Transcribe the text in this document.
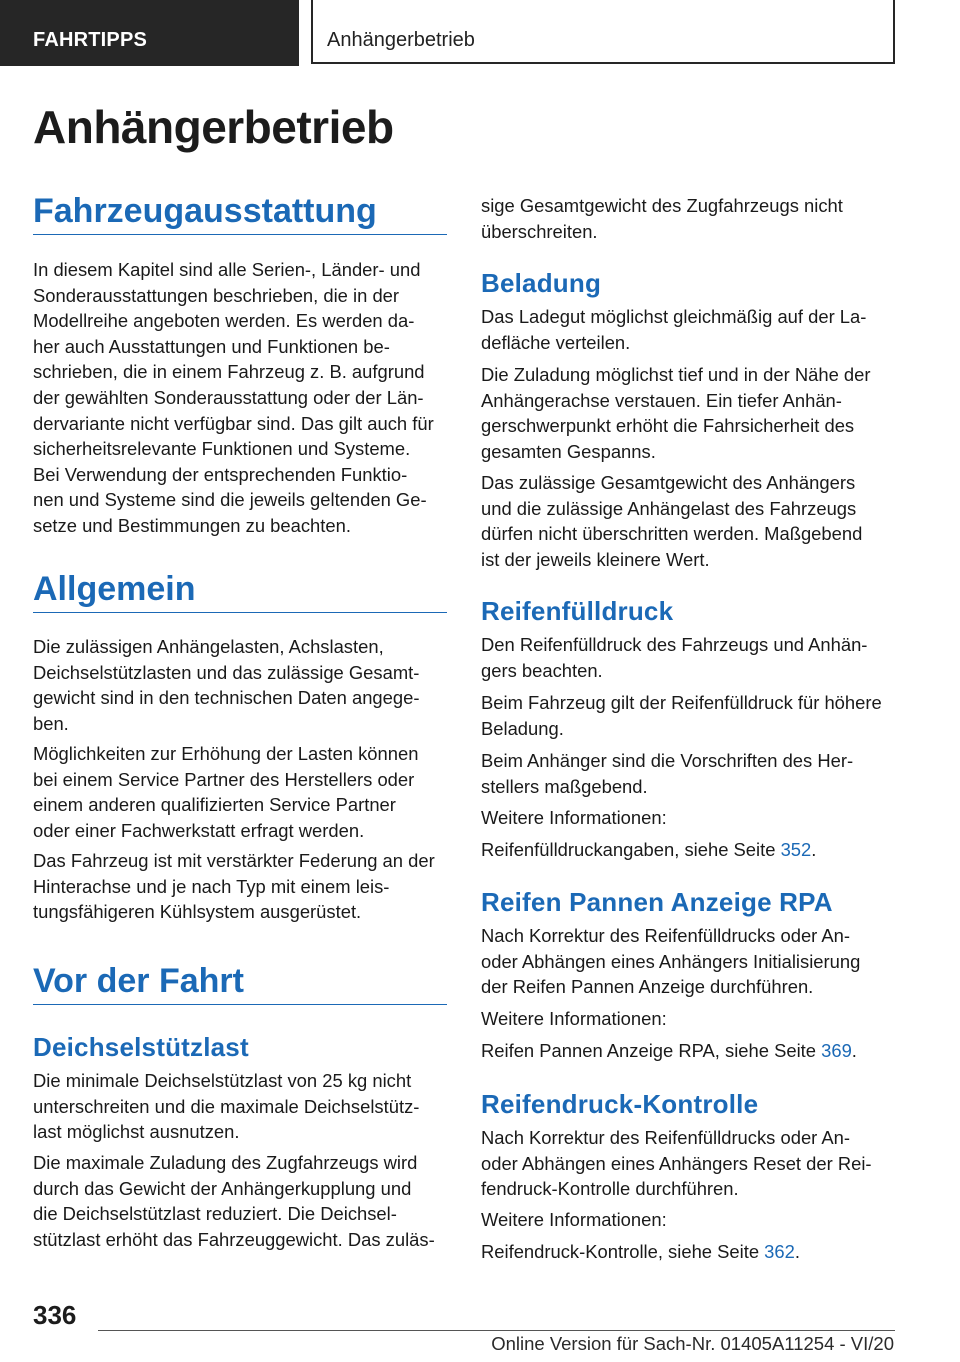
FAHRTIPPS	Anhängerbetrieb
Anhängerbetrieb
Fahrzeugausstattung

In diesem Kapitel sind alle Serien-, Länder- und
Sonderausstattungen beschrieben, die in der
Modellreihe angeboten werden. Es werden da-
her auch Ausstattungen und Funktionen be-
schrieben, die in einem Fahrzeug z. B. aufgrund
der gewählten Sonderausstattung oder der Län-
dervariante nicht verfügbar sind. Das gilt auch für
sicherheitsrelevante Funktionen und Systeme.
Bei Verwendung der entsprechenden Funktio-
nen und Systeme sind die jeweils geltenden Ge-
setze und Bestimmungen zu beachten.

Allgemein

Die zulässigen Anhängelasten, Achslasten,
Deichselstützlasten und das zulässige Gesamt-
gewicht sind in den technischen Daten angege-
ben.

Möglichkeiten zur Erhöhung der Lasten können
bei einem Service Partner des Herstellers oder
einem anderen qualifizierten Service Partner
oder einer Fachwerkstatt erfragt werden.

Das Fahrzeug ist mit verstärkter Federung an der
Hinterachse und je nach Typ mit einem leis-
tungsfähigeren Kühlsystem ausgerüstet.

Vor der Fahrt
Deichselstützlast

Die minimale Deichselstützlast von 25 kg nicht
unterschreiten und die maximale Deichselstütz-
last möglichst ausnutzen.

Die maximale Zuladung des Zugfahrzeugs wird
durch das Gewicht der Anhängerkupplung und
die Deichselstützlast reduziert. Die Deichsel-
stützlast erhöht das Fahrzeuggewicht. Das zuläs-

sige Gesamtgewicht des Zugfahrzeugs nicht
überschreiten.

Beladung

Das Ladegut möglichst gleichmäßig auf der La-
defläche verteilen.

Die Zuladung möglichst tief und in der Nähe der
Anhängerachse verstauen. Ein tiefer Anhän-
gerschwerpunkt erhöht die Fahrsicherheit des
gesamten Gespanns.

Das zulässige Gesamtgewicht des Anhängers
und die zulässige Anhängelast des Fahrzeugs
dürfen nicht überschritten werden. Maßgebend
ist der jeweils kleinere Wert.

Reifenfülldruck

Den Reifenfülldruck des Fahrzeugs und Anhän-
gers beachten.

Beim Fahrzeug gilt der Reifenfülldruck für höhere
Beladung.

Beim Anhänger sind die Vorschriften des Her-
stellers maßgebend.

Weitere Informationen:

Reifenfülldruckangaben, siehe Seite 352.

Reifen Pannen Anzeige RPA

Nach Korrektur des Reifenfülldrucks oder An-
oder Abhängen eines Anhängers Initialisierung
der Reifen Pannen Anzeige durchführen.

Weitere Informationen:

Reifen Pannen Anzeige RPA, siehe Seite 369.

Reifendruck-Kontrolle

Nach Korrektur des Reifenfülldrucks oder An-
oder Abhängen eines Anhängers Reset der Rei-
fendruck-Kontrolle durchführen.

Weitere Informationen:

Reifendruck-Kontrolle, siehe Seite 362.

336
Online Version für Sach-Nr. 01405A11254 - VI/20
